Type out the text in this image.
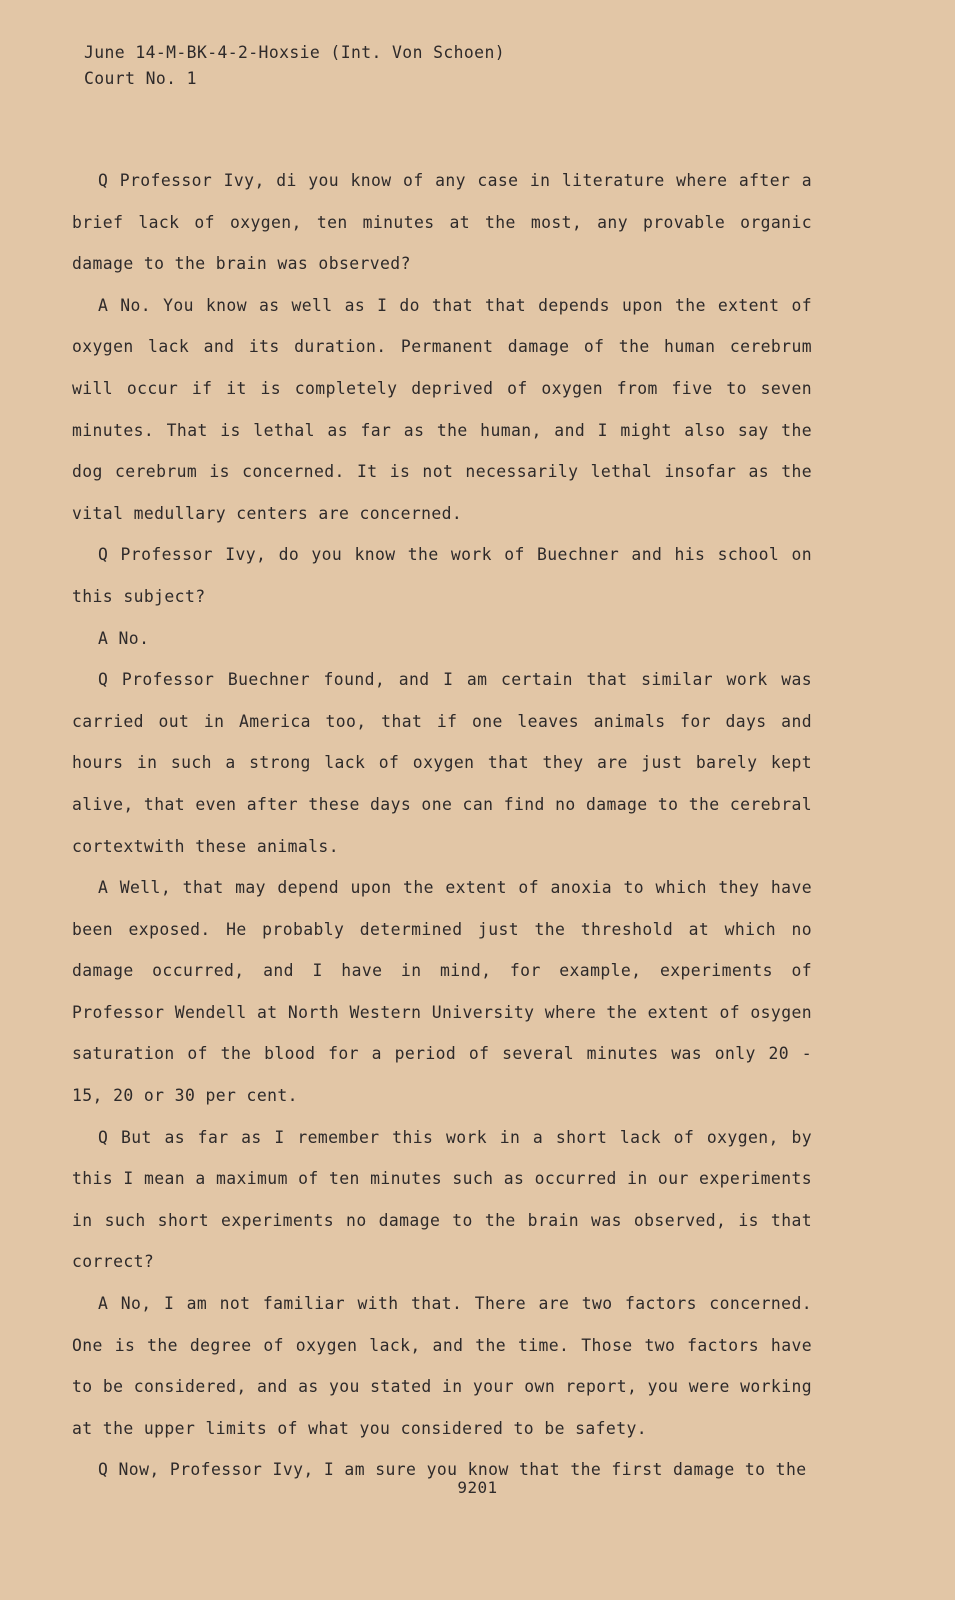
June 14-M-BK-4-2-Hoxsie (Int. Von Schoen)
Court No. 1

Q Professor Ivy, di you know of any case in literature where after a brief lack of oxygen, ten minutes at the most, any provable organic damage to the brain was observed?

A No. You know as well as I do that that depends upon the extent of oxygen lack and its duration. Permanent damage of the human cerebrum will occur if it is completely deprived of oxygen from five to seven minutes. That is lethal as far as the human, and I might also say the dog cerebrum is concerned. It is not necessarily lethal insofar as the vital medullary centers are concerned.

Q Professor Ivy, do you know the work of Buechner and his school on this subject?

A No.

Q Professor Buechner found, and I am certain that similar work was carried out in America too, that if one leaves animals for days and hours in such a strong lack of oxygen that they are just barely kept alive, that even after these days one can find no damage to the cerebral cortextwith these animals.

A Well, that may depend upon the extent of anoxia to which they have been exposed. He probably determined just the threshold at which no damage occurred, and I have in mind, for example, experiments of Professor Wendell at North Western University where the extent of osygen saturation of the blood for a period of several minutes was only 20 - 15, 20 or 30 per cent.

Q But as far as I remember this work in a short lack of oxygen, by this I mean a maximum of ten minutes such as occurred in our experiments in such short experiments no damage to the brain was observed, is that correct?

A No, I am not familiar with that. There are two factors concerned. One is the degree of oxygen lack, and the time. Those two factors have to be considered, and as you stated in your own report, you were working at the upper limits of what you considered to be safety.

Q Now, Professor Ivy, I am sure you know that the first damage to the

9201
